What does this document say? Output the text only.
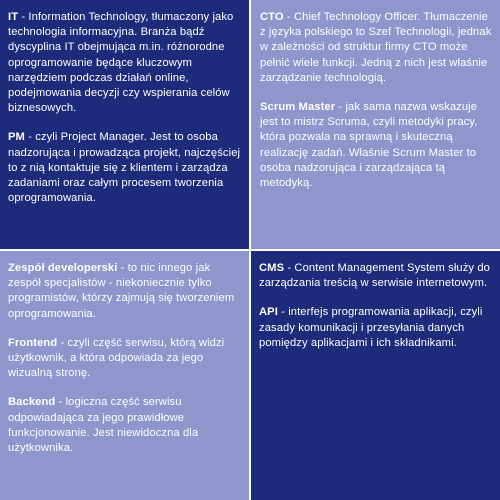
IT - Information Technology, tłumaczony jako technologia informacyjna. Branża bądź dyscyplina IT obejmująca m.in. różnorodne oprogramowanie będące kluczowym narzędziem podczas działań online, podejmowania decyzji czy wspierania celów biznesowych.

PM - czyli Project Manager. Jest to osoba nadzorująca i prowadząca projekt, najczęściej to z nią kontaktuje się z klientem i zarządza zadaniami oraz całym procesem tworzenia oprogramowania.

CTO - Chief Technology Officer. Tłumaczenie z języka polskiego to Szef Technologii, jednak w zależności od struktur firmy CTO może pełnić wiele funkcji. Jedną z nich jest właśnie zarządzanie technologią.

Scrum Master - jak sama nazwa wskazuje jest to mistrz Scruma, czyli metodyki pracy, która pozwala na sprawną i skuteczną realizację zadań. Właśnie Scrum Master to osoba nadzorująca i zarządzająca tą metodyką.

Zespół developerski - to nic innego jak zespół specjalistów - niekoniecznie tylko programistów, którzy zajmują się tworzeniem oprogramowania.

Frontend - czyli część serwisu, którą widzi użytkownik, a która odpowiada za jego wizualną stronę.

Backend - logiczna część serwisu odpowiadająca za jego prawidłowe funkcjonowanie. Jest niewidoczna dla użytkownika.

CMS - Content Management System służy do zarządzania treścią w serwisie internetowym.

API - interfejs programowania aplikacji, czyli zasady komunikacji i przesyłania danych pomiędzy aplikacjami i ich składnikami.
